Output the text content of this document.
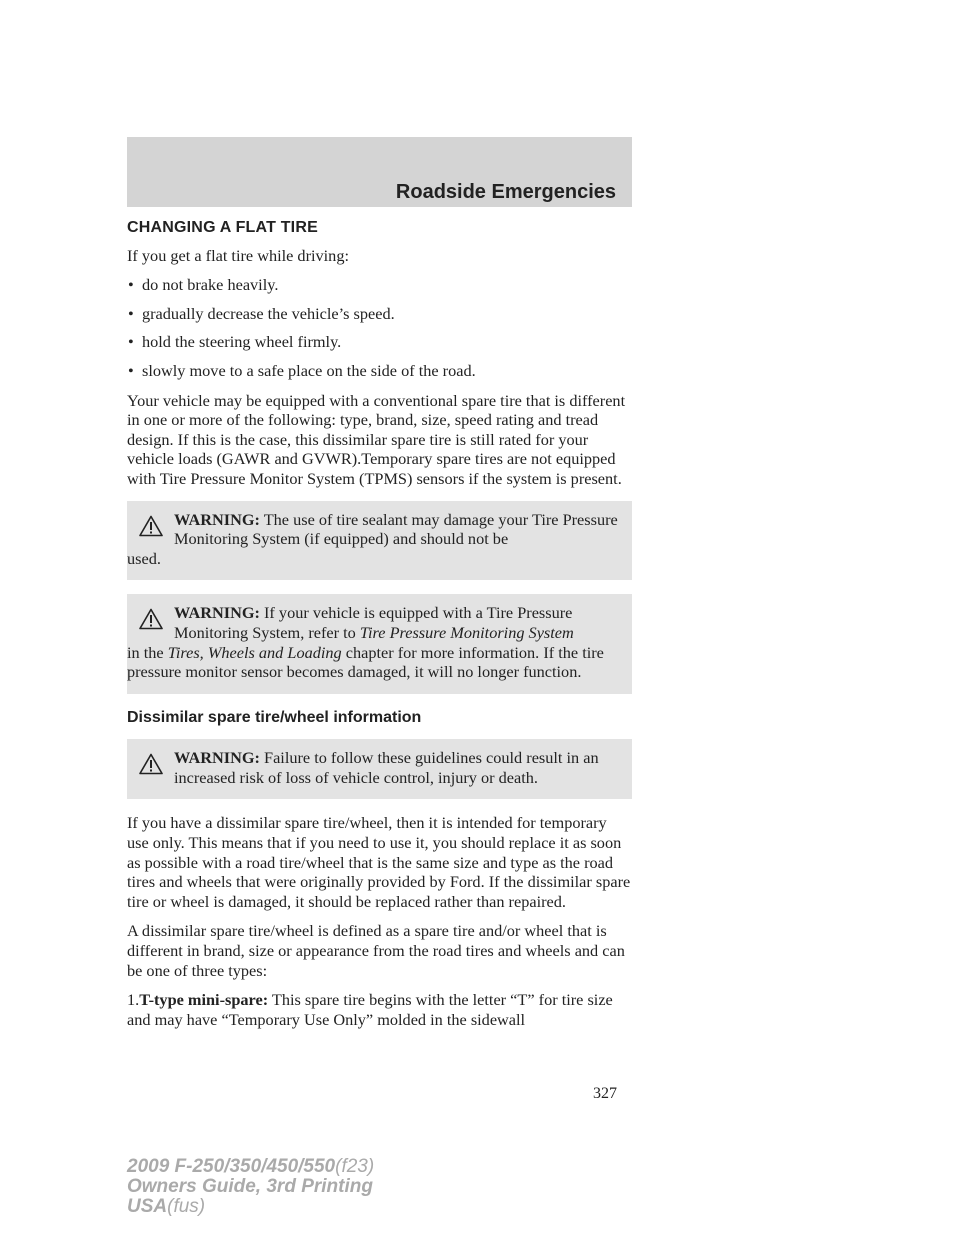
Roadside Emergencies
CHANGING A FLAT TIRE

If you get a flat tire while driving:

• do not brake heavily.
• gradually decrease the vehicle’s speed.
• hold the steering wheel firmly.
• slowly move to a safe place on the side of the road.

Your vehicle may be equipped with a conventional spare tire that is different in one or more of the following: type, brand, size, speed rating and tread design. If this is the case, this dissimilar spare tire is still rated for your vehicle loads (GAWR and GVWR).Temporary spare tires are not equipped with Tire Pressure Monitor System (TPMS) sensors if the system is present.

WARNING: The use of tire sealant may damage your Tire Pressure Monitoring System (if equipped) and should not be
used.
WARNING: If your vehicle is equipped with a Tire Pressure Monitoring System, refer to Tire Pressure Monitoring System
in the Tires, Wheels and Loading chapter for more information. If the tire pressure monitor sensor becomes damaged, it will no longer function.
Dissimilar spare tire/wheel information
WARNING: Failure to follow these guidelines could result in an increased risk of loss of vehicle control, injury or death.

If you have a dissimilar spare tire/wheel, then it is intended for temporary use only. This means that if you need to use it, you should replace it as soon as possible with a road tire/wheel that is the same size and type as the road tires and wheels that were originally provided by Ford. If the dissimilar spare tire or wheel is damaged, it should be replaced rather than repaired.

A dissimilar spare tire/wheel is defined as a spare tire and/or wheel that is different in brand, size or appearance from the road tires and wheels and can be one of three types:

1.T-type mini-spare: This spare tire begins with the letter “T” for tire size and may have “Temporary Use Only” molded in the sidewall

327
2009 F-250/350/450/550(f23)
Owners Guide, 3rd Printing
USA(fus)
